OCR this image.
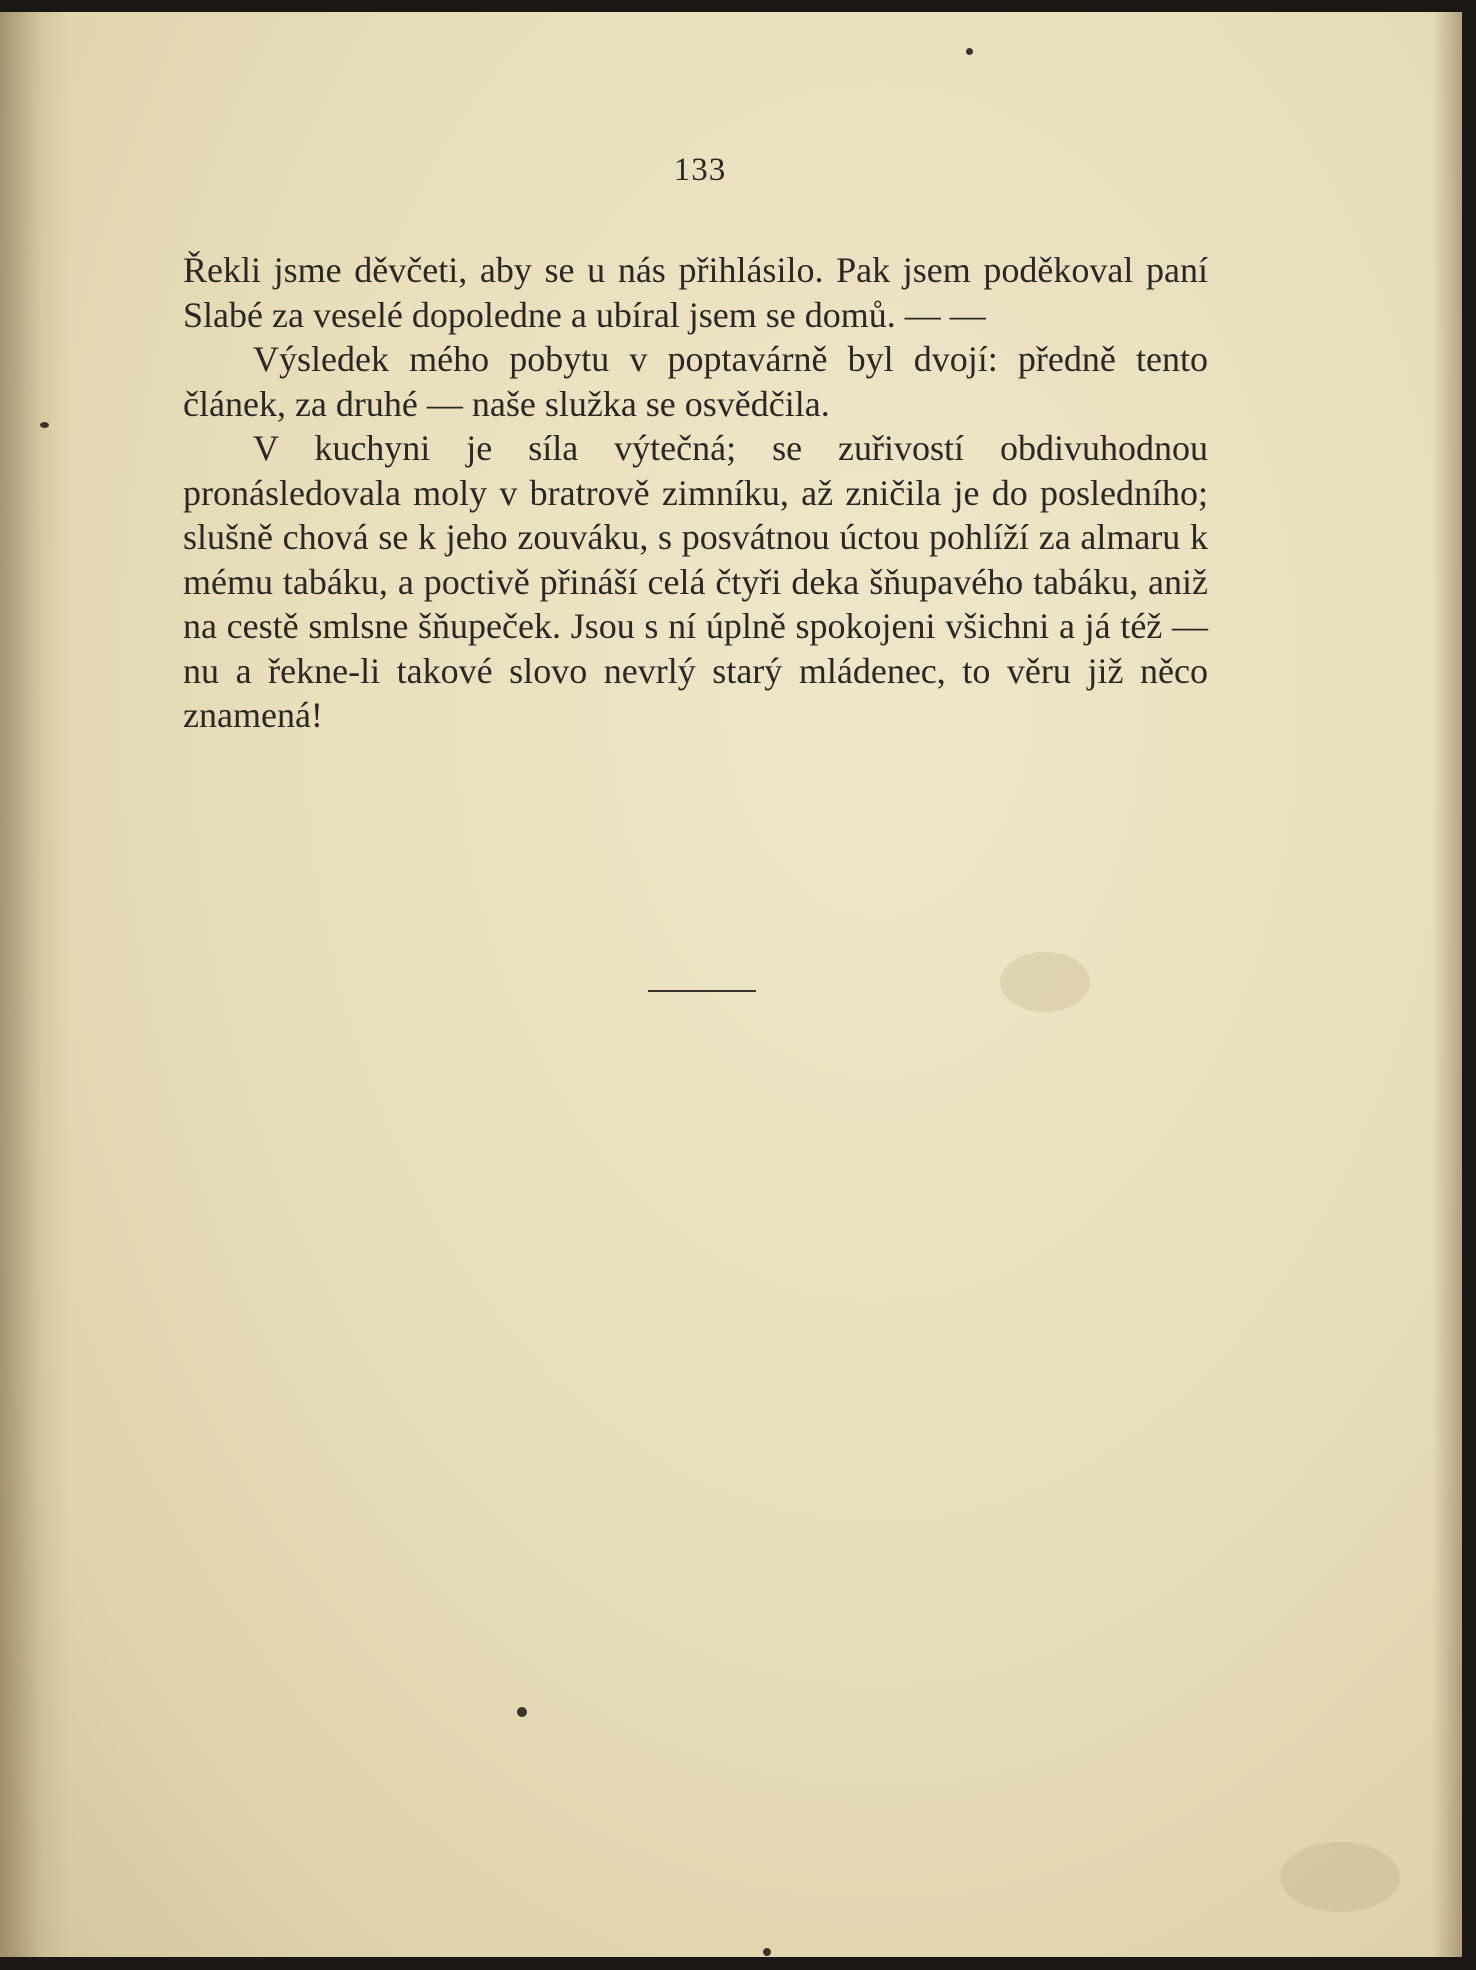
133

Řekli jsme děvčeti, aby se u nás přihlásilo. Pak jsem poděkoval paní Slabé za veselé dopoledne a ubíral jsem se domů. — —

Výsledek mého pobytu v poptavárně byl dvojí: předně tento článek, za druhé — naše služka se osvědčila.

V kuchyni je síla výtečná; se zuřivostí obdivuhodnou pronásledovala moly v bratrově zimníku, až zničila je do posledního; slušně chová se k jeho zouváku, s posvátnou úctou pohlíží za almaru k mému tabáku, a poctivě přináší celá čtyři deka šňupavého tabáku, aniž na cestě smlsne šňupeček. Jsou s ní úplně spokojeni všichni a já též — nu a řekne-li takové slovo nevrlý starý mládenec, to věru již něco znamená!
